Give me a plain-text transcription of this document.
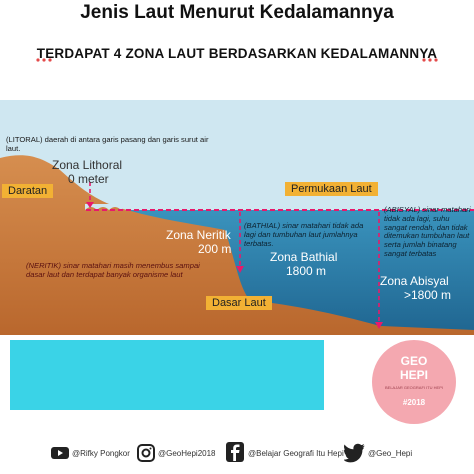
Jenis Laut Menurut Kedalamannya
TERDAPAT 4 ZONA LAUT BERDASARKAN KEDALAMANNYA
(LITORAL) daerah di antara garis pasang dan garis surut air laut.
Zona Lithoral
0 meter
Daratan	Permukaan Laut
Zona Neritik
200 m
(NERITIK) sinar matahari masih menembus sampai dasar laut dan terdapat banyak organisme laut
(BATHIAL) sinar matahari tidak ada lagi dan tumbuhan laut jumlahnya terbatas.
Zona Bathial
1800 m
(ABISYAL) sinar matahari tidak ada lagi, suhu sangat rendah, dan tidak ditemukan tumbuhan laut serta jumlah binatang sangat terbatas
Zona Abisyal
>1800 m
Dasar Laut
GEO
HEPI
BELAJAR GEOGRAFI ITU HEPI
#2018
@Rifky Pongkor	@GeoHepi2018	@Belajar Geografi Itu Hepi	@Geo_Hepi
